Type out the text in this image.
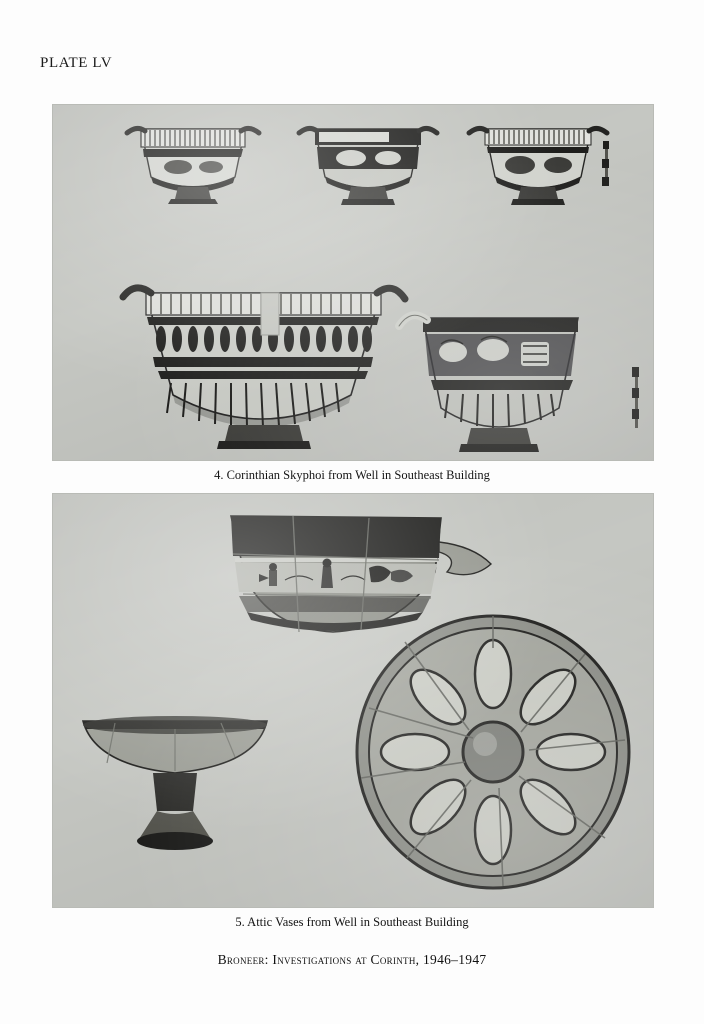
PLATE LV
4. Corinthian Skyphoi from Well in Southeast Building
5. Attic Vases from Well in Southeast Building
Broneer: Investigations at Corinth, 1946–1947
